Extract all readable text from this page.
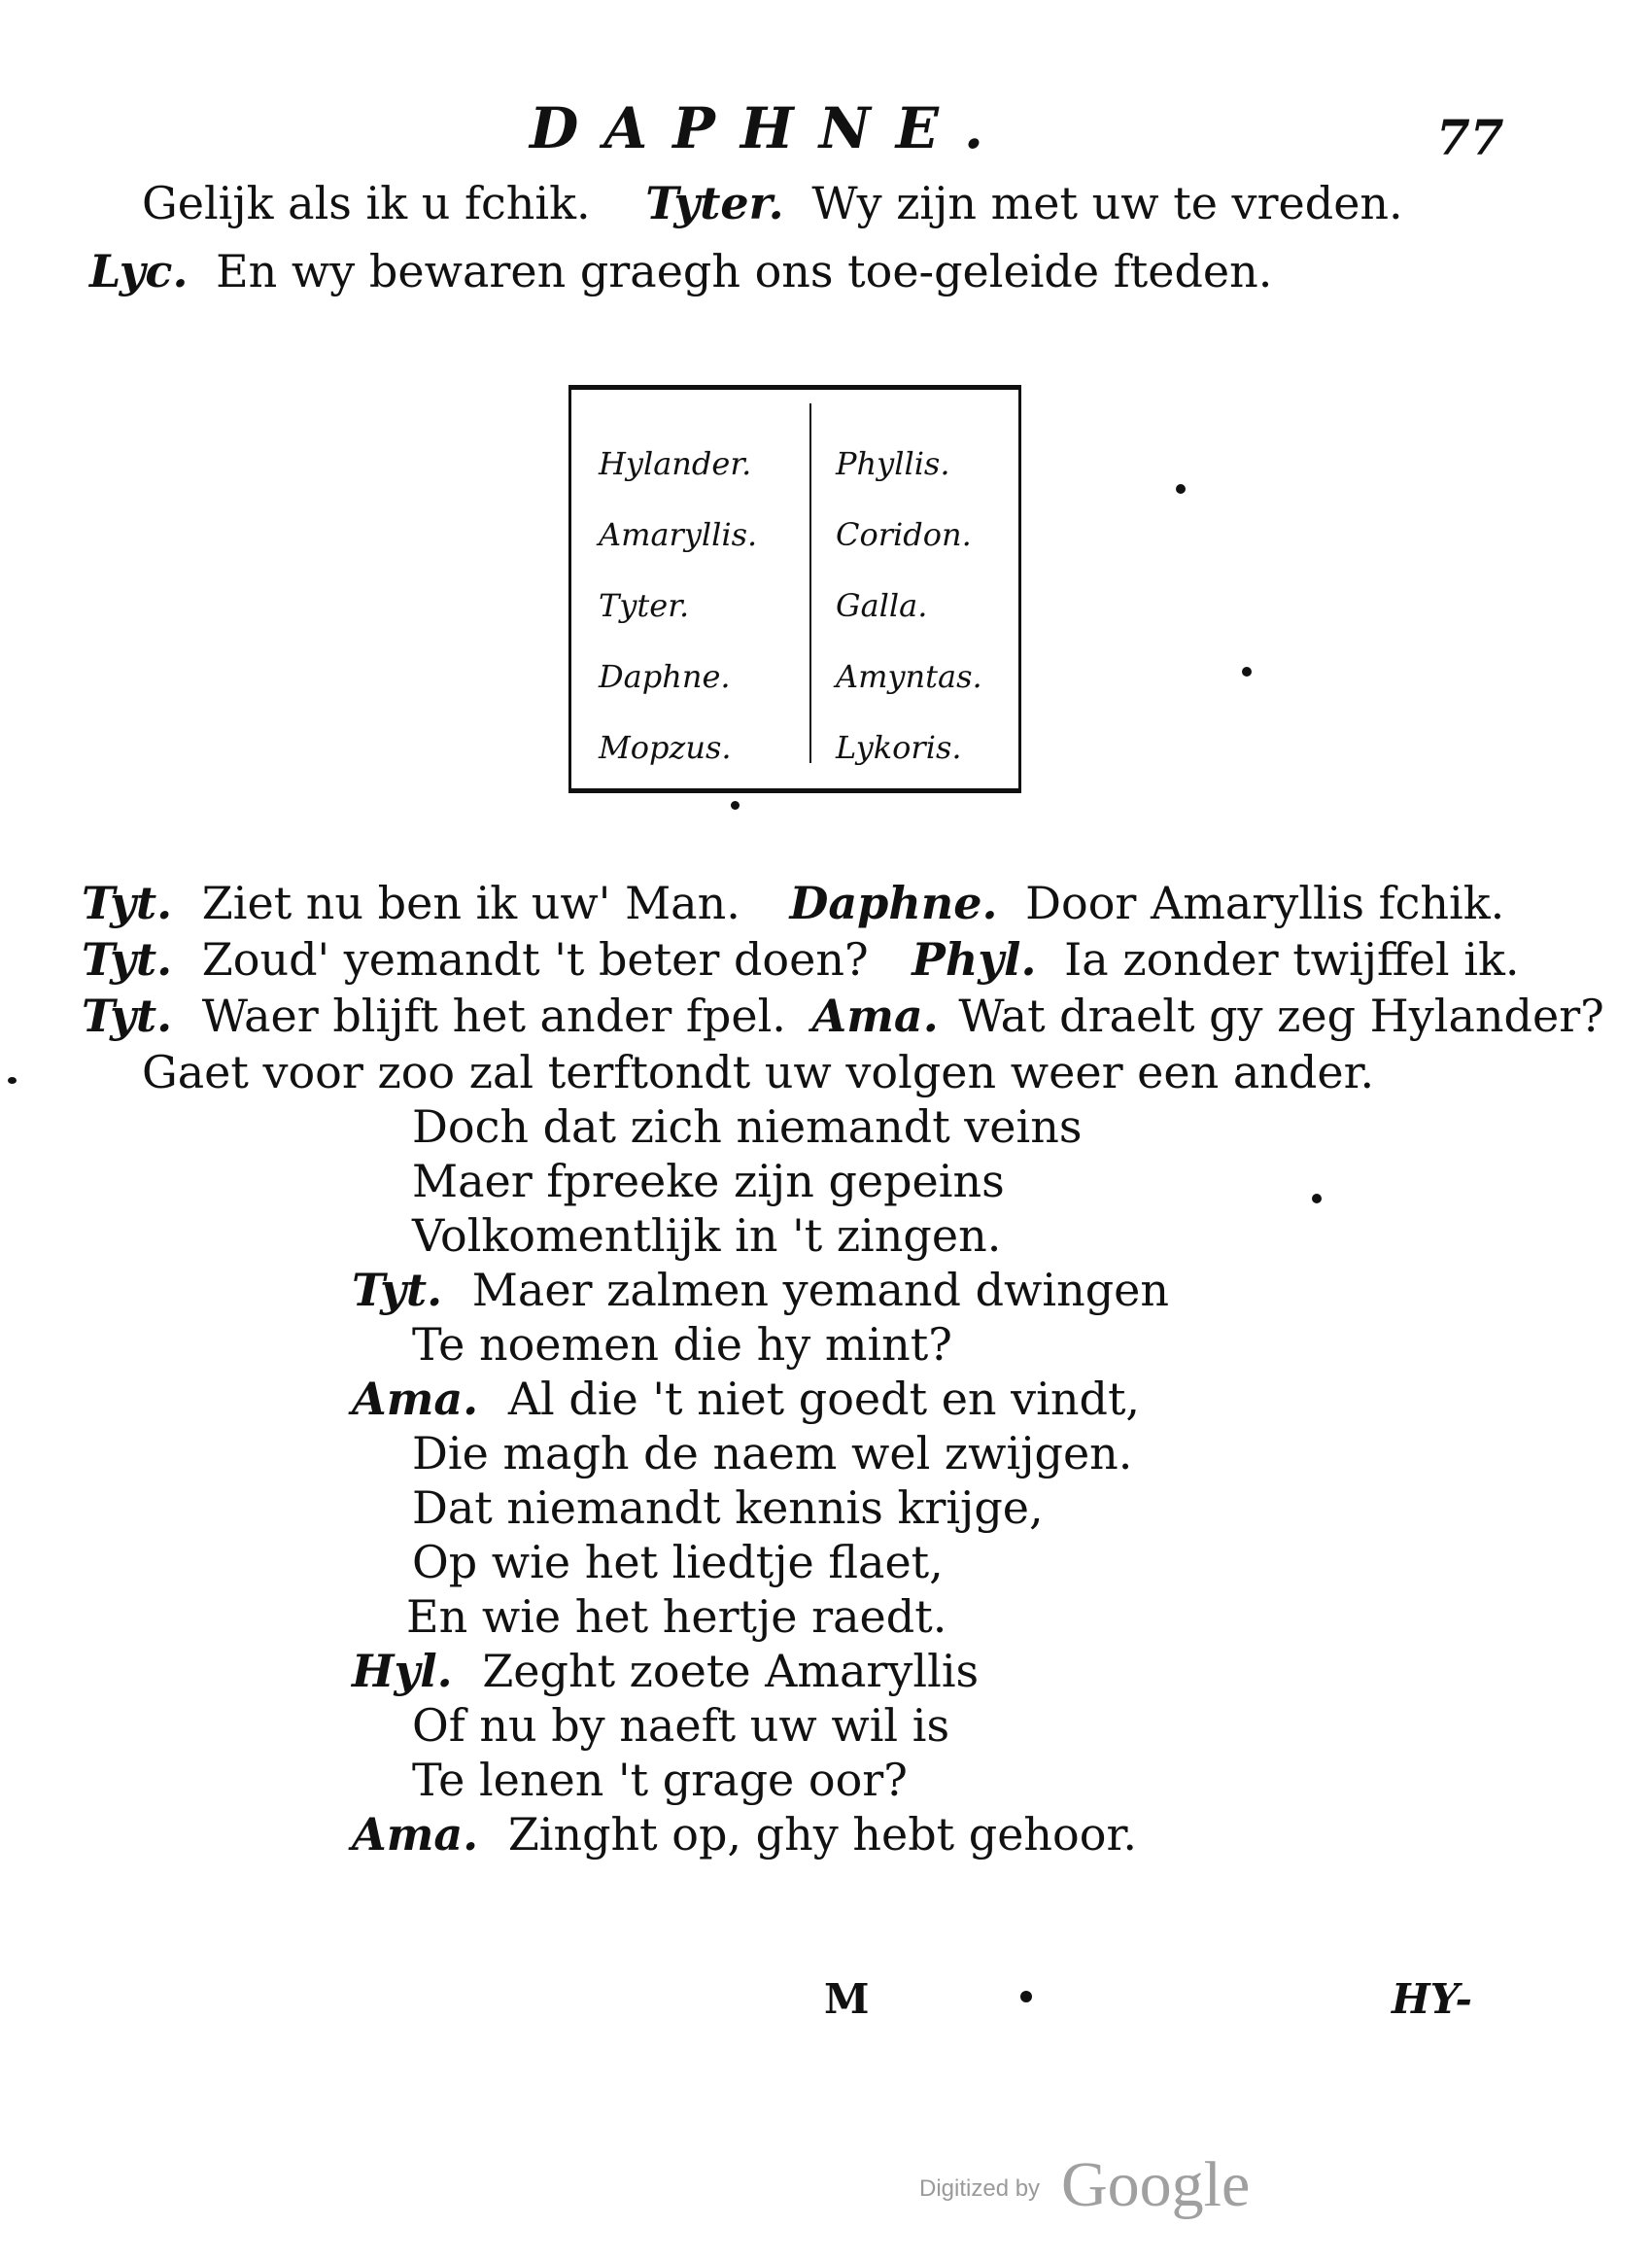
DAPHNE.	77
Gelijk als ik u fchik. Tyter. Wy zijn met uw te vreden.
Lyc. En wy bewaren graegh ons toe-geleide fteden.
Hylander.
Amaryllis.
Tyter.
Daphne.
Mopzus.
Phyllis.
Coridon.
Galla.
Amyntas.
Lykoris.
Tyt. Ziet nu ben ik uw' Man. Daphne. Door Amaryllis fchik.
Tyt. Zoud' yemandt 't beter doen? Phyl. Ia zonder twijffel ik.
Tyt. Waer blijft het ander fpel. Ama. Wat draelt gy zeg Hylander?
Gaet voor zoo zal terftondt uw volgen weer een ander.
Doch dat zich niemandt veins
Maer fpreeke zijn gepeins
Volkomentlijk in 't zingen.
Tyt. Maer zalmen yemand dwingen
Te noemen die hy mint?
Ama. Al die 't niet goedt en vindt,
Die magh de naem wel zwijgen.
Dat niemandt kennis krijge,
Op wie het liedtje flaet,
En wie het hertje raedt.
Hyl. Zeght zoete Amaryllis
Of nu by naeft uw wil is
Te lenen 't grage oor?
Ama. Zinght op, ghy hebt gehoor.
M	HY-
Digitized by Google
